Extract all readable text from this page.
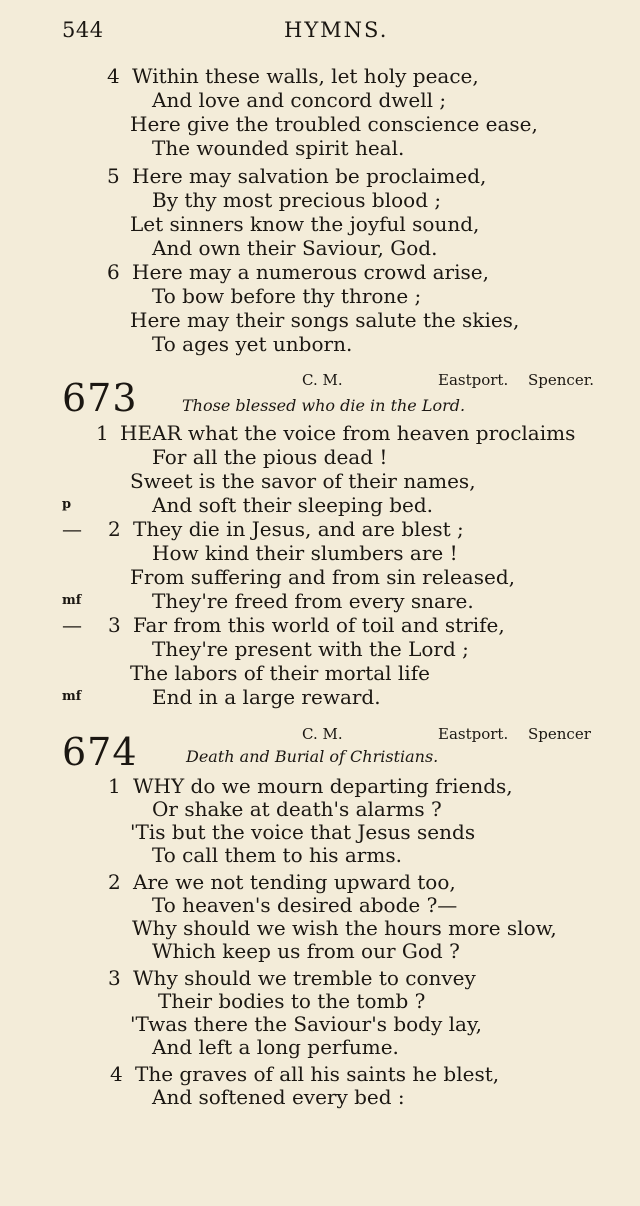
544	HYMNS.
4 Within these walls, let holy peace,
And love and concord dwell ;
Here give the troubled conscience ease,
The wounded spirit heal.
5 Here may salvation be proclaimed,
By thy most precious blood ;
Let sinners know the joyful sound,
And own their Saviour, God.
6 Here may a numerous crowd arise,
To bow before thy throne ;
Here may their songs salute the skies,
To ages yet unborn.
673	C. M.	Eastport. Spencer.
Those blessed who die in the Lord.
1 HEAR what the voice from heaven proclaims
For all the pious dead !
Sweet is the savor of their names,
p	And soft their sleeping bed.
— 2 They die in Jesus, and are blest ;
How kind their slumbers are !
From suffering and from sin released,
mf	They're freed from every snare.
— 3 Far from this world of toil and strife,
They're present with the Lord ;
The labors of their mortal life
mf	End in a large reward.
674	C. M.	Eastport. Spencer
Death and Burial of Christians.
1 WHY do we mourn departing friends,
Or shake at death's alarms ?
'Tis but the voice that Jesus sends
To call them to his arms.
2 Are we not tending upward too,
To heaven's desired abode ?—
Why should we wish the hours more slow,
Which keep us from our God ?
3 Why should we tremble to convey
Their bodies to the tomb ?
'Twas there the Saviour's body lay,
And left a long perfume.
4 The graves of all his saints he blest,
And softened every bed :
